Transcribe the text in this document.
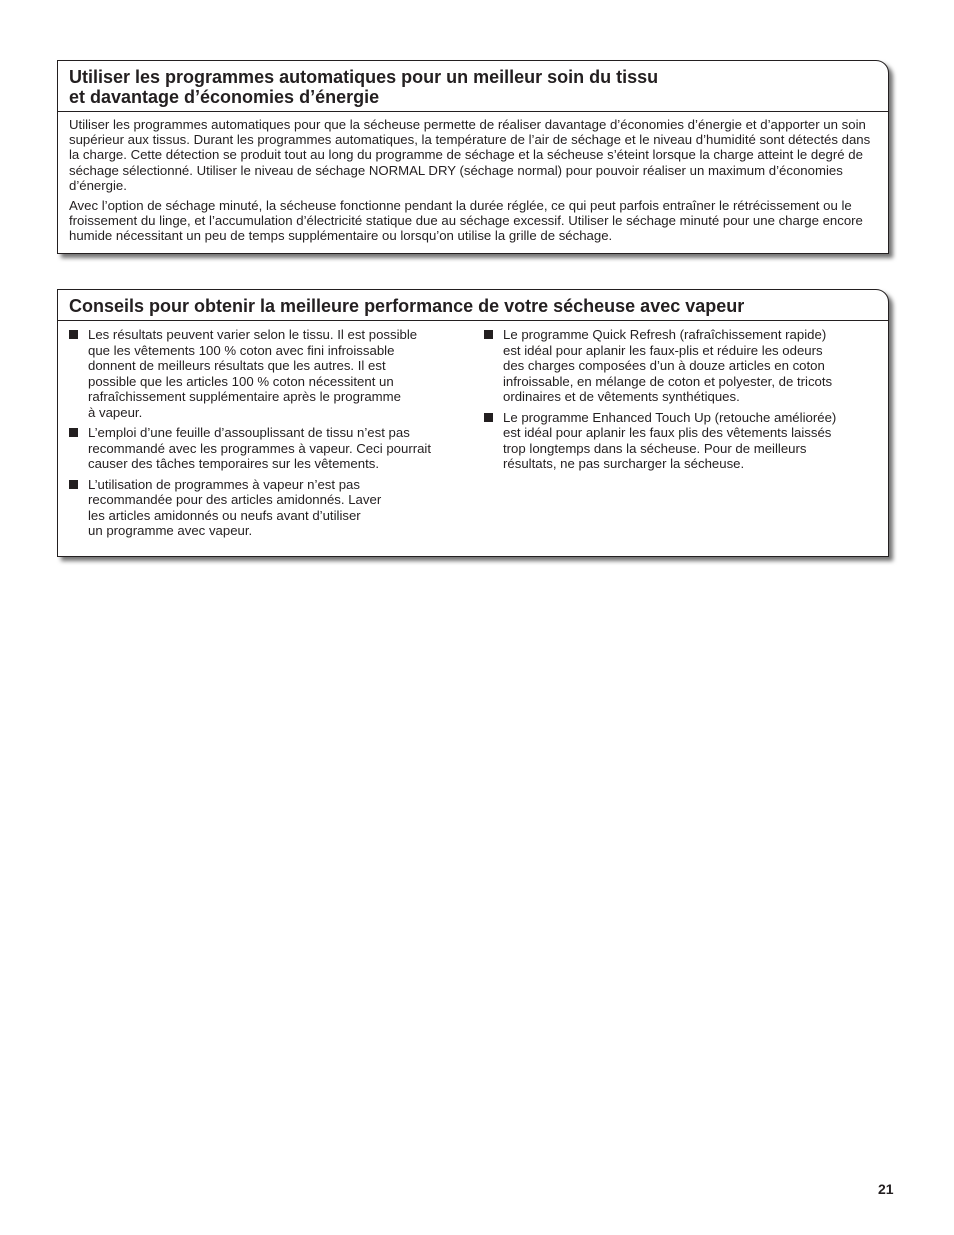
Utiliser les programmes automatiques pour un meilleur soin du tissu

et davantage d’économies d’énergie

Utiliser les programmes automatiques pour que la sécheuse permette de réaliser davantage d’économies d’énergie et d’apporter un soin supérieur aux tissus. Durant les programmes automatiques, la température de l’air de séchage et le niveau d’humidité sont détectés dans la charge. Cette détection se produit tout au long du programme de séchage et la sécheuse s’éteint lorsque la charge atteint le degré de séchage sélectionné. Utiliser le niveau de séchage NORMAL DRY (séchage normal) pour pouvoir réaliser un maximum d’économies d’énergie.

Avec l’option de séchage minuté, la sécheuse fonctionne pendant la durée réglée, ce qui peut parfois entraîner le rétrécissement ou le froissement du linge, et l’accumulation d’électricité statique due au séchage excessif. Utiliser le séchage minuté pour une charge encore humide nécessitant un peu de temps supplémentaire ou lorsqu’on utilise la grille de séchage.

Conseils pour obtenir la meilleure performance de votre sécheuse avec vapeur

Les résultats peuvent varier selon le tissu. Il est possible
que les vêtements 100 % coton avec fini infroissable
donnent de meilleurs résultats que les autres. Il est
possible que les articles 100 % coton nécessitent un
rafraîchissement supplémentaire après le programme
à vapeur.
L’emploi d’une feuille d’assouplissant de tissu n’est pas
recommandé avec les programmes à vapeur. Ceci pourrait
causer des tâches temporaires sur les vêtements.
L’utilisation de programmes à vapeur n’est pas
recommandée pour des articles amidonnés. Laver
les articles amidonnés ou neufs avant d’utiliser
un programme avec vapeur.
Le programme Quick Refresh (rafraîchissement rapide)
est idéal pour aplanir les faux-plis et réduire les odeurs
des charges composées d’un à douze articles en coton
infroissable, en mélange de coton et polyester, de tricots
ordinaires et de vêtements synthétiques.
Le programme Enhanced Touch Up (retouche améliorée)
est idéal pour aplanir les faux plis des vêtements laissés
trop longtemps dans la sécheuse. Pour de meilleurs
résultats, ne pas surcharger la sécheuse.
21
